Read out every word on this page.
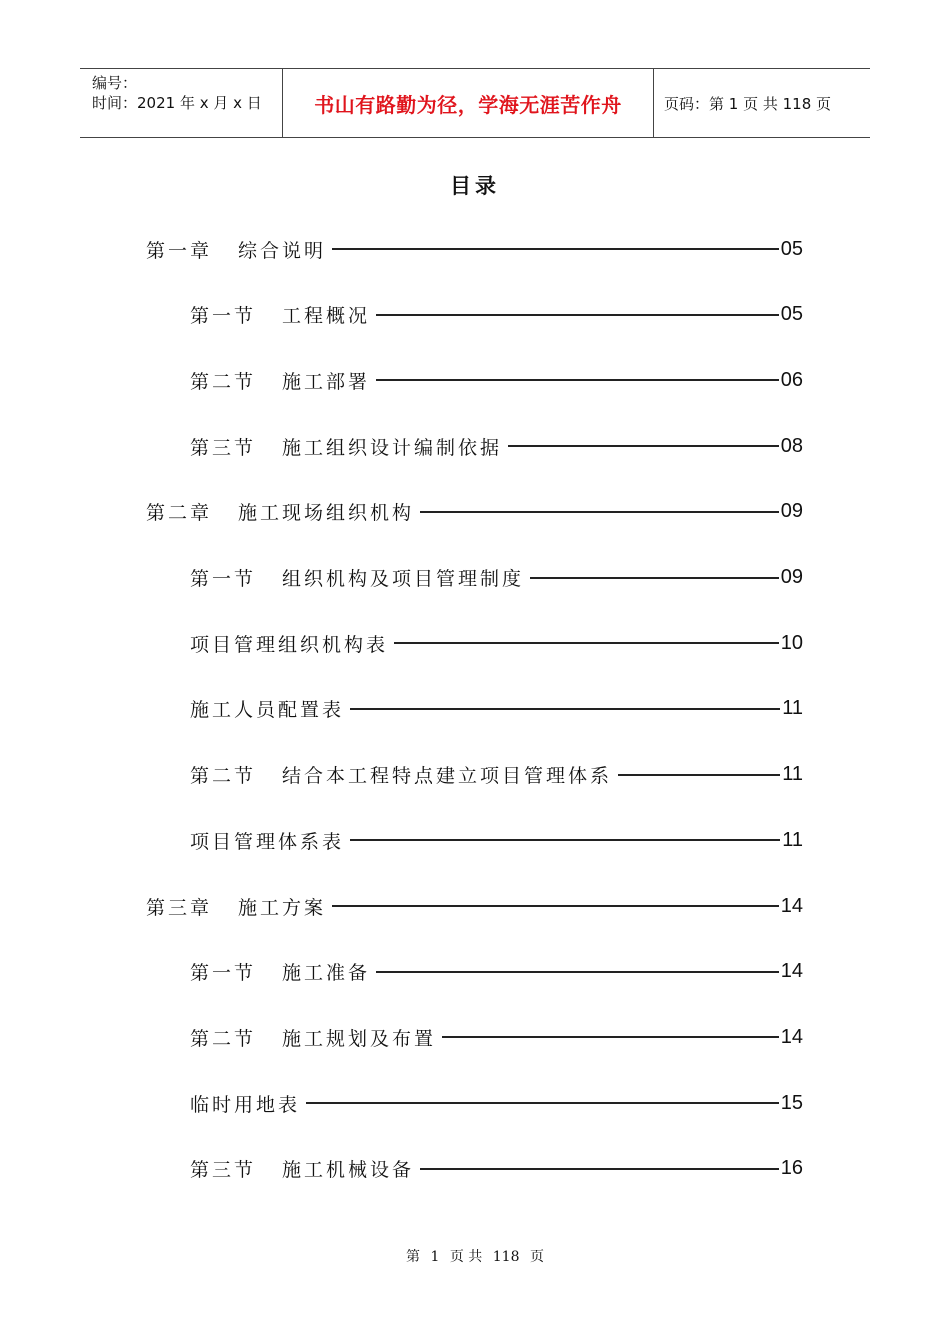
编号：
时间：2021 年 x 月 x 日	书山有路勤为径，学海无涯苦作舟	页码：第 1 页 共 118 页
目录
第一章 综合说明	05
第一节 工程概况	05
第二节 施工部署	06
第三节 施工组织设计编制依据	08
第二章 施工现场组织机构	09
第一节 组织机构及项目管理制度	09
项目管理组织机构表	10
施工人员配置表	11
第二节 结合本工程特点建立项目管理体系	11
项目管理体系表	11
第三章 施工方案	14
第一节 施工准备	14
第二节 施工规划及布置	14
临时用地表	15
第三节 施工机械设备	16
第 1 页 共 118 页
